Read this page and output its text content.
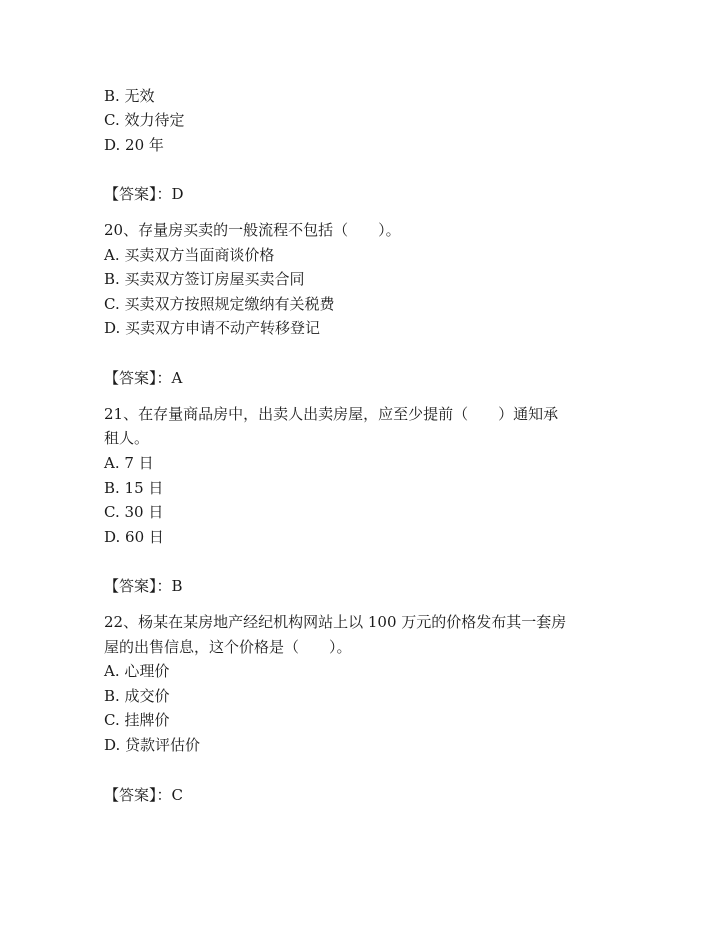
B. 无效
C. 效力待定
D. 20 年
【答案】：D
20、存量房买卖的一般流程不包括（　　）。
A. 买卖双方当面商谈价格
B. 买卖双方签订房屋买卖合同
C. 买卖双方按照规定缴纳有关税费
D. 买卖双方申请不动产转移登记
【答案】：A
21、在存量商品房中，出卖人出卖房屋，应至少提前（　　）通知承
租人。
A. 7 日
B. 15 日
C. 30 日
D. 60 日
【答案】：B
22、杨某在某房地产经纪机构网站上以 100 万元的价格发布其一套房
屋的出售信息，这个价格是（　　）。
A. 心理价
B. 成交价
C. 挂牌价
D. 贷款评估价
【答案】：C
